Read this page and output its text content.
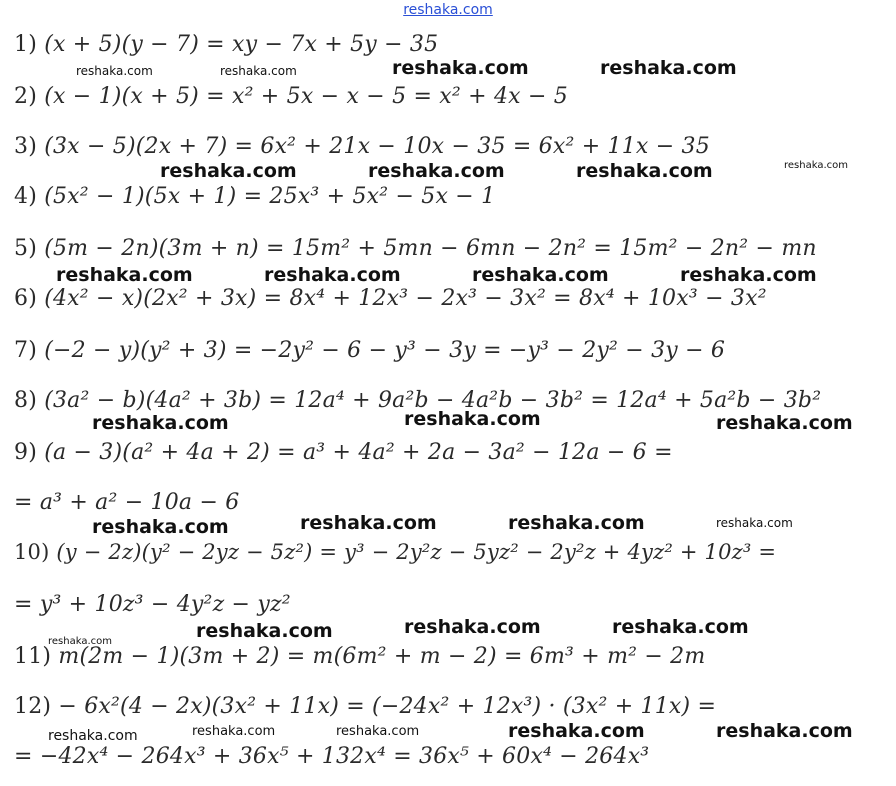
reshaka.com
1) (x + 5)(y − 7) = xy − 7x + 5y − 35
2) (x − 1)(x + 5) = x² + 5x − x − 5 = x² + 4x − 5
3) (3x − 5)(2x + 7) = 6x² + 21x − 10x − 35 = 6x² + 11x − 35
4) (5x² − 1)(5x + 1) = 25x³ + 5x² − 5x − 1
5) (5m − 2n)(3m + n) = 15m² + 5mn − 6mn − 2n² = 15m² − 2n² − mn
6) (4x² − x)(2x² + 3x) = 8x⁴ + 12x³ − 2x³ − 3x² = 8x⁴ + 10x³ − 3x²
7) (−2 − y)(y² + 3) = −2y² − 6 − y³ − 3y = −y³ − 2y² − 3y − 6
8) (3a² − b)(4a² + 3b) = 12a⁴ + 9a²b − 4a²b − 3b² = 12a⁴ + 5a²b − 3b²
9) (a − 3)(a² + 4a + 2) = a³ + 4a² + 2a − 3a² − 12a − 6 =
= a³ + a² − 10a − 6
10) (y − 2z)(y² − 2yz − 5z²) = y³ − 2y²z − 5yz² − 2y²z + 4yz² + 10z³ =
= y³ + 10z³ − 4y²z − yz²
11) m(2m − 1)(3m + 2) = m(6m² + m − 2) = 6m³ + m² − 2m
12) − 6x²(4 − 2x)(3x² + 11x) = (−24x² + 12x³) · (3x² + 11x) =
= −42x⁴ − 264x³ + 36x⁵ + 132x⁴ = 36x⁵ + 60x⁴ − 264x³
reshaka.com	reshaka.com	reshaka.com	reshaka.com
reshaka.com	reshaka.com	reshaka.com	reshaka.com
reshaka.com	reshaka.com	reshaka.com	reshaka.com
reshaka.com	reshaka.com	reshaka.com
reshaka.com	reshaka.com	reshaka.com	reshaka.com
reshaka.com	reshaka.com	reshaka.com	reshaka.com
reshaka.com	reshaka.com	reshaka.com	reshaka.com	reshaka.com
